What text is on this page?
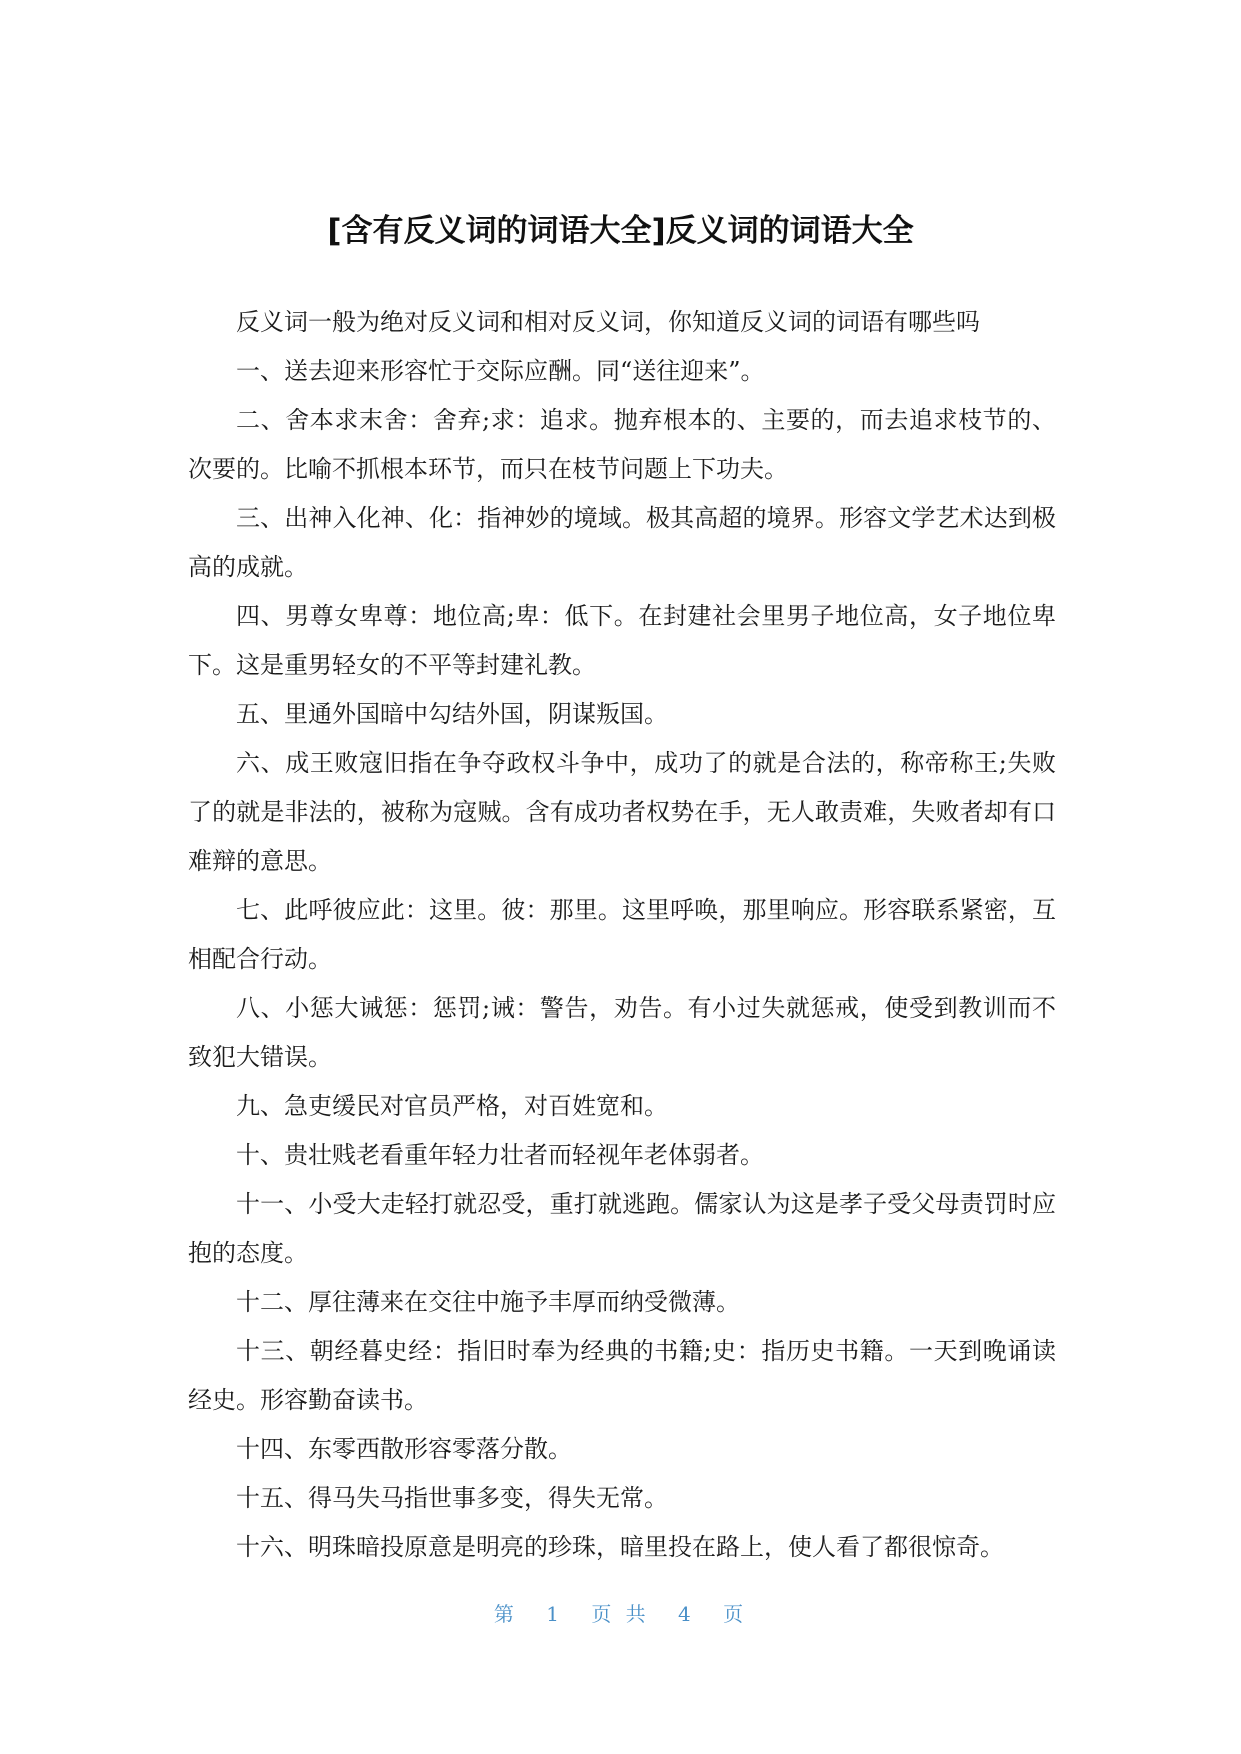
[含有反义词的词语大全]反义词的词语大全

反义词一般为绝对反义词和相对反义词，你知道反义词的词语有哪些吗

一、送去迎来形容忙于交际应酬。同“送往迎来”。

二、舍本求末舍：舍弃;求：追求。抛弃根本的、主要的，而去追求枝节的、次要的。比喻不抓根本环节，而只在枝节问题上下功夫。

三、出神入化神、化：指神妙的境域。极其高超的境界。形容文学艺术达到极高的成就。

四、男尊女卑尊：地位高;卑：低下。在封建社会里男子地位高，女子地位卑下。这是重男轻女的不平等封建礼教。

五、里通外国暗中勾结外国，阴谋叛国。

六、成王败寇旧指在争夺政权斗争中，成功了的就是合法的，称帝称王;失败了的就是非法的，被称为寇贼。含有成功者权势在手，无人敢责难，失败者却有口难辩的意思。

七、此呼彼应此：这里。彼：那里。这里呼唤，那里响应。形容联系紧密，互相配合行动。

八、小惩大诫惩：惩罚;诫：警告，劝告。有小过失就惩戒，使受到教训而不致犯大错误。

九、急吏缓民对官员严格，对百姓宽和。

十、贵壮贱老看重年轻力壮者而轻视年老体弱者。

十一、小受大走轻打就忍受，重打就逃跑。儒家认为这是孝子受父母责罚时应抱的态度。

十二、厚往薄来在交往中施予丰厚而纳受微薄。

十三、朝经暮史经：指旧时奉为经典的书籍;史：指历史书籍。一天到晚诵读经史。形容勤奋读书。

十四、东零西散形容零落分散。

十五、得马失马指世事多变，得失无常。

十六、明珠暗投原意是明亮的珍珠，暗里投在路上，使人看了都很惊奇。

第 1 页 共 4 页
